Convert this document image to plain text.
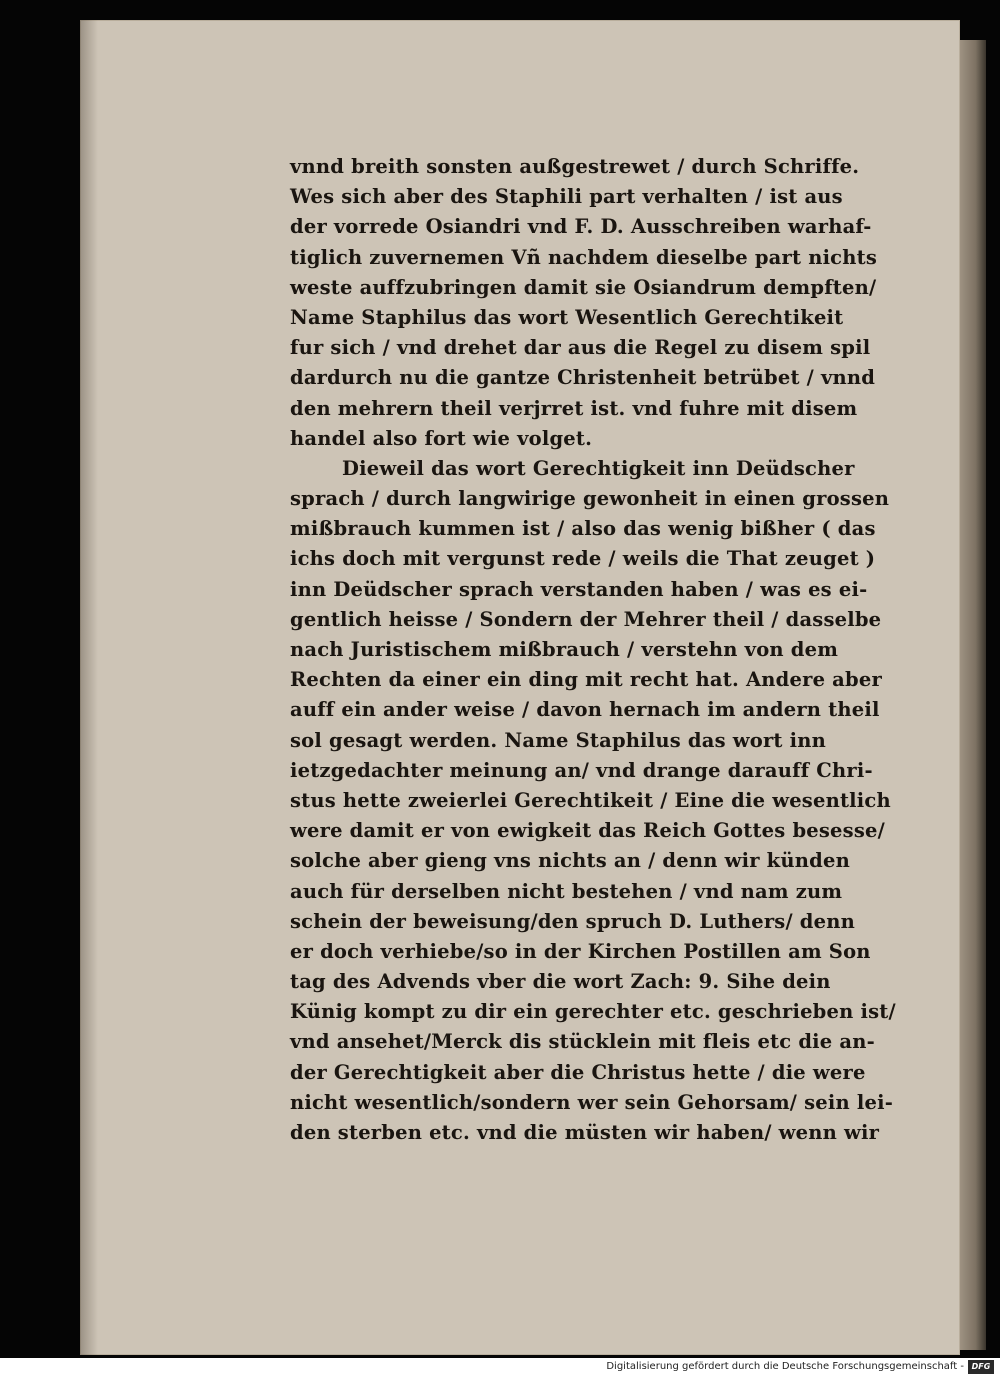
vnnd breith sonsten außgestrewet / durch Schriffe.
Wes sich aber des Staphili part verhalten / ist aus
der vorrede Osiandri vnd F. D. Ausschreiben warhaf-
tiglich zuvernemen Vñ nachdem dieselbe part nichts
weste auffzubringen damit sie Osiandrum dempften/
Name Staphilus das wort Wesentlich Gerechtikeit
fur sich / vnd drehet dar aus die Regel zu disem spil
dardurch nu die gantze Christenheit betrübet / vnnd
den mehrern theil verjrret ist. vnd fuhre mit disem
handel also fort wie volget.
Dieweil das wort Gerechtigkeit inn Deüdscher
sprach / durch langwirige gewonheit in einen grossen
mißbrauch kummen ist / also das wenig bißher ( das
ichs doch mit vergunst rede / weils die That zeuget )
inn Deüdscher sprach verstanden haben / was es ei-
gentlich heisse / Sondern der Mehrer theil / dasselbe
nach Juristischem mißbrauch / verstehn von dem
Rechten da einer ein ding mit recht hat. Andere aber
auff ein ander weise / davon hernach im andern theil
sol gesagt werden. Name Staphilus das wort inn
ietzgedachter meinung an/ vnd drange darauff Chri-
stus hette zweierlei Gerechtikeit / Eine die wesentlich
were damit er von ewigkeit das Reich Gottes besesse/
solche aber gieng vns nichts an / denn wir künden
auch für derselben nicht bestehen / vnd nam zum
schein der beweisung/den spruch D. Luthers/ denn
er doch verhiebe/so in der Kirchen Postillen am Son
tag des Advends vber die wort Zach: 9. Sihe dein
Künig kompt zu dir ein gerechter etc. geschrieben ist/
vnd ansehet/Merck dis stücklein mit fleis etc die an-
der Gerechtigkeit aber die Christus hette / die were
nicht wesentlich/sondern wer sein Gehorsam/ sein lei-
den sterben etc. vnd die müsten wir haben/ wenn wir
Digitalisierung gefördert durch die Deutsche Forschungsgemeinschaft - DFG
